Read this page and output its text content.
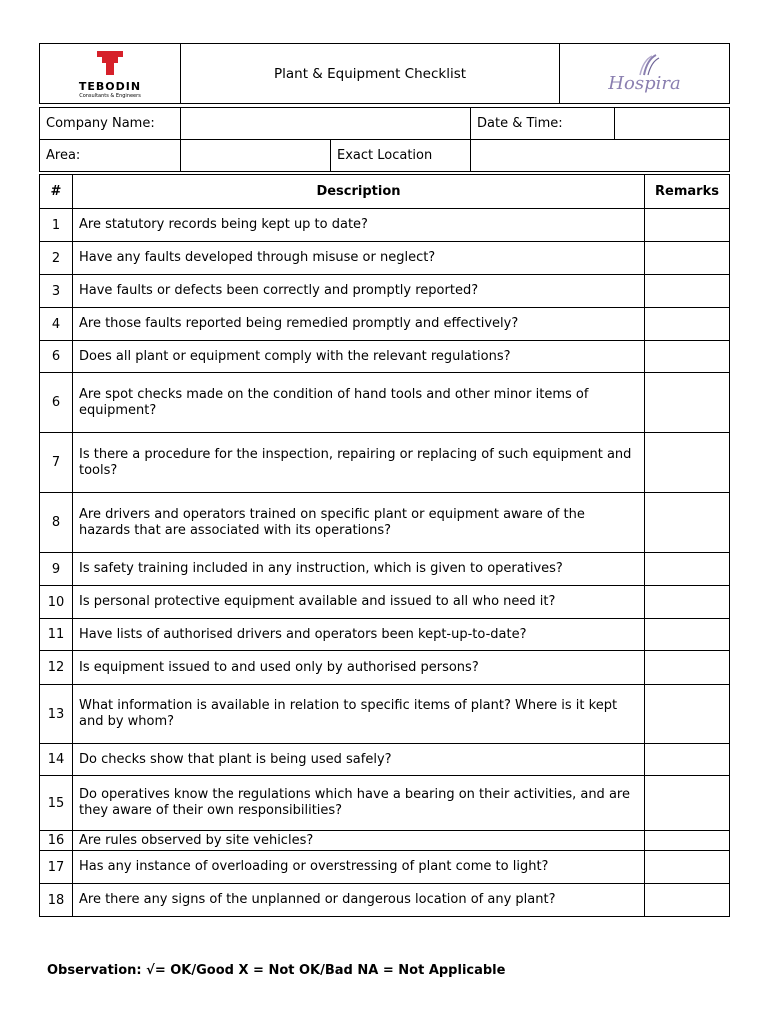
TEBODIN
Consultants & Engineers
	Plant & Equipment Checklist	Hospira
Company Name:			Date & Time:	
Area:		Exact Location		
#	Description	Remarks
1	Are statutory records being kept up to date?	
2	Have any faults developed through misuse or neglect?	
3	Have faults or defects been correctly and promptly reported?	
4	Are those faults reported being remedied promptly and effectively?	
6	Does all plant or equipment comply with the relevant regulations?	
6	Are spot checks made on the condition of hand tools and other minor items of equipment?	
7	Is there a procedure for the inspection, repairing or replacing of such equipment and tools?	
8	Are drivers and operators trained on specific plant or equipment aware of the hazards that are associated with its operations?	
9	Is safety training included in any instruction, which is given to operatives?	
10	Is personal protective equipment available and issued to all who need it?	
11	Have lists of authorised drivers and operators been kept-up-to-date?	
12	Is equipment issued to and used only by authorised persons?	
13	What information is available in relation to specific items of plant? Where is it kept and by whom?	
14	Do checks show that plant is being used safely?	
15	Do operatives know the regulations which have a bearing on their activities, and are they aware of their own responsibilities?	
16	Are rules observed by site vehicles?	
17	Has any instance of overloading or overstressing of plant come to light?	
18	Are there any signs of the unplanned or dangerous location of any plant?	
Observation: √= OK/Good X = Not OK/Bad NA = Not Applicable
